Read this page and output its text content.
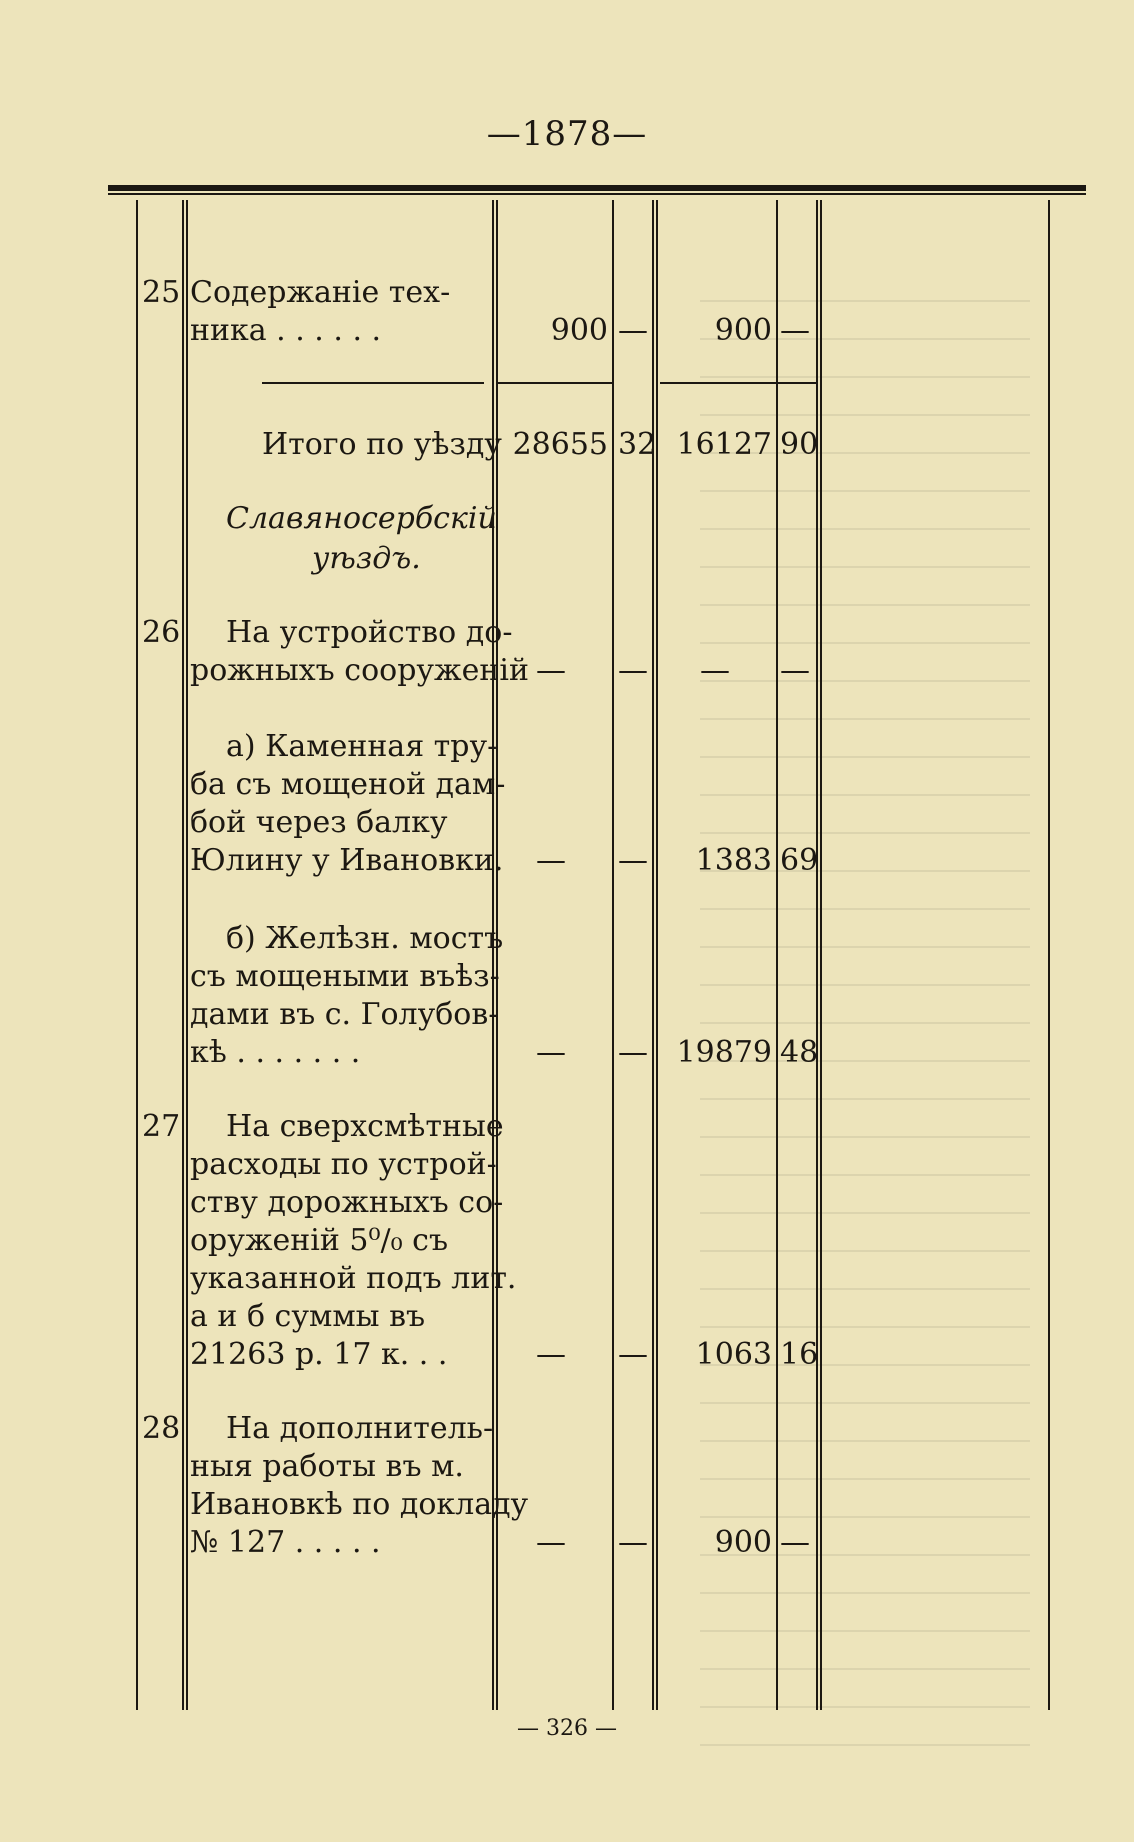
—1878—
25 Содержаніе тех-
ника . . . . . .	900 —	900 —
Итого по уѣзду 28655 32 16127 90
Славяносербскій
уѣздъ.
26 На устройство до-
рожныхъ сооруженій — — — —
а) Каменная тру-
ба съ мощеной дам-
бой через балку
Юлину у Ивановки. — —	1383 69
б) Желѣзн. мостъ
съ мощеными въѣз-
дами въ с. Голубов-
кѣ . . . . . . .	— — 19879 48
27 На сверхсмѣтные
расходы по устрой-
ству дорожныхъ со-
оруженій 5⁰/₀ съ
указанной подъ лит.
а и б суммы въ
21263 р. 17 к. . .	— —	1063 16
28 На дополнитель-
ныя работы въ м.
Ивановкѣ по докладу
№ 127 . . . . .	— —	900 —
— 326 —
